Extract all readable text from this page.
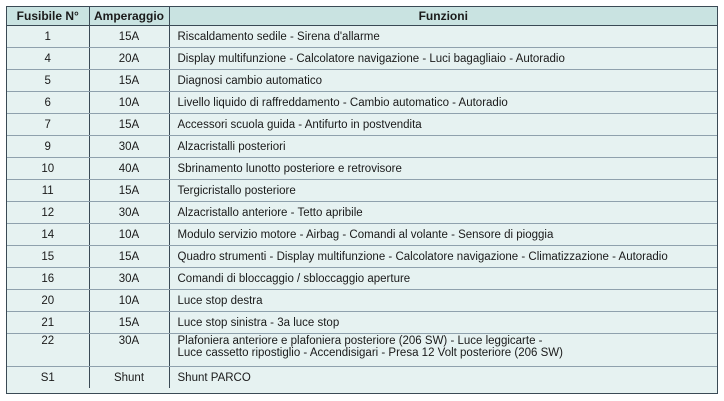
Fusibile N°	Amperaggio	Funzioni
1	15A	Riscaldamento sedile - Sirena d'allarme
4	20A	Display multifunzione - Calcolatore navigazione - Luci bagagliaio - Autoradio
5	15A	Diagnosi cambio automatico
6	10A	Livello liquido di raffreddamento - Cambio automatico - Autoradio
7	15A	Accessori scuola guida - Antifurto in postvendita
9	30A	Alzacristalli posteriori
10	40A	Sbrinamento lunotto posteriore e retrovisore
11	15A	Tergicristallo posteriore
12	30A	Alzacristallo anteriore - Tetto apribile
14	10A	Modulo servizio motore - Airbag - Comandi al volante - Sensore di pioggia
15	15A	Quadro strumenti - Display multifunzione - Calcolatore navigazione - Climatizzazione - Autoradio
16	30A	Comandi di bloccaggio / sbloccaggio aperture
20	10A	Luce stop destra
21	15A	Luce stop sinistra - 3a luce stop
22	30A	Plafoniera anteriore e plafoniera posteriore (206 SW) - Luce leggicarte -
Luce cassetto ripostiglio - Accendisigari - Presa 12 Volt posteriore (206 SW)

S1	Shunt	Shunt PARCO
